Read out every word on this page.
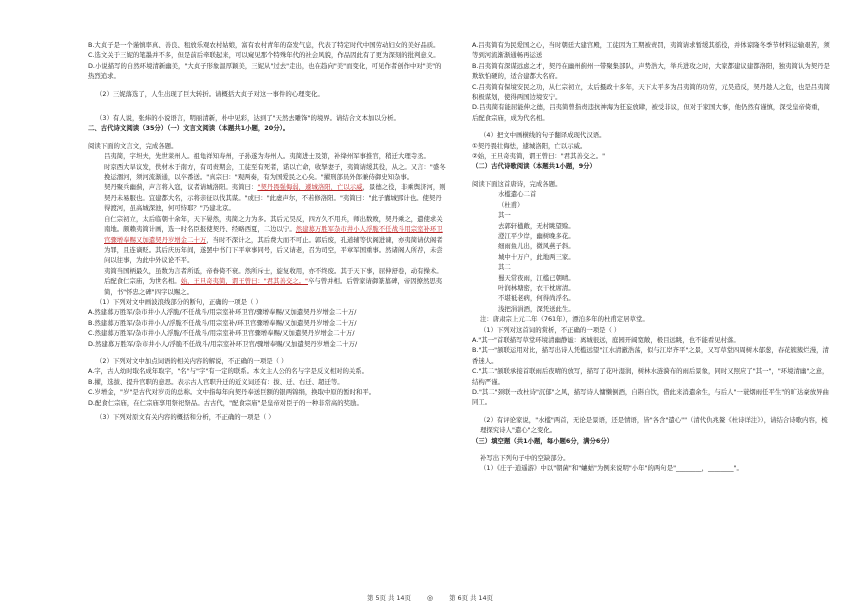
B.大贞子是一个谨慎率真、善良、租放乐观农村姑娘，富有农村青年的奋发气息，代表了特定时代中国劳动妇女的美好品质。

C.选文关于三妮的笔墨并不多，但是前后牵联起来，可以窥见那个特殊年代的社会风貌，作品因此有了更为深刻的批判意义。

D.小说描写的自然环境清新幽美，"大贞子形象温厚颖美，三妮从"过去"走出，也在趋向"美"而变化，可见作者创作中对"美"的热烈追求。

（2）三妮落选了，人生出现了巨大转折。请概括大贞子对这一事件的心理变化。

（3）有人说，张炜的小说语言，明丽清新，朴中见彩，达到了"天然去雕饰"的境界。请结合文本加以分析。

二、古代诗文阅读（35分）（一）文言文阅读（本题共1小题，20分）。

阅读下面的文言文，完成各题。

吕夷简，字坦夫，先世莱州人。祖龟祥知寿州，子孙遂为寿州人。夷简进士及第，补绛州军事推官，稍迁大理寺丞。

时京西大旱议发，佚材木于南方，有司责期会，工徒至有死者，诺以亡命，收孥妻子，夷简请缓其役，从之。又言："盛冬挽运涸河，须河流渐通，以卒番送。"真宗曰："观两奏，有为国爱民之心矣。"擢刑部员外郎兼侍御史知杂事。

契丹聚兵幽蓟，声言将入寇，议者请城洛阳。夷简曰："契丹畏强侮弱，遽城洛阳，亡以示威，景德之役，非乘舆济河，则契丹未易服也。宜建都大名，示将亲征以伐其谋。"或曰："此虚声尔，不若修洛阳。"夷简曰："此子囊城郢计也。使契丹得渡河，虽高城深池，何可恃耶？"乃建北京。

自仁宗初立，太后临朝十余年，天下晏然，夷简之力为多。其后元昊反，四方久不用兵，师出数败，契丹乘之，遣使求关南地。颇赖夷简计画，选一时名臣报使契丹、经略西夏，二边以宁。然建募万胜军杂市井小人浮脆不任战斗用宗室补环卫官骤增奉赐又加遣契丹岁增金二十万，当时不深计之，其后费大而不可止。郭后废，孔道辅等伏阁进谏，亦夷简请伏阁者为罪，且连谪贬。其后庆历年间，遂罢中书门下平章事同号，后又请老，召为司空，平章军国重事。然诸阁人所荐，未尝问以往事，为此中外议论不平。

夷简当国柄最久，虽数为言者所诋，帝眷倚不衰。然所斥士，旋复收用，亦不终废。其于天下事，屈伸舒卷，动有操术。后配食仁宗庙，为世名相。始，王旦奇夷简，谓王曾曰："君其善交之。"卒与曾并相。后曾家请御篆墓碑，帝因撩然思夷简，书"怀忠之碑"四字以赐之。

（1）下列对文中画波浪线部分的断句，正确的一项是（ ）

A.然建募万胜军/杂市井小人浮脆/不任战斗/用宗室补环卫官/骤增奉赐/又加遣契丹岁增金二十万/

B.然建募万胜军/杂市井小人/浮脆不任战斗/用宗室补/环卫官骤增奉赐/又加遣契丹岁增金二十万/

C.然建募万胜军/杂市井小人浮脆/不任战斗/用宗室补环卫官骤增奉赐/又加遣契丹岁增金二十万/

D.然建募万胜军/杂市井小人/浮脆不任战斗/用宗室补环卫官/骤增奉赐/又加遣契丹岁增金二十万/

（2）下列对文中加点词语的相关内容的解说，不正确的一项是（ ）

A.字，古人幼时取名成年取字，"名"与"字"有一定的联系。本文主人公的名与字是反义相对的关系。

B.擢，选拔、提升官职的意思。表示古人官职升迁的近义词还有：拔、迁、右迁、超迁等。

C.岁增金，"岁"是古代对岁贡的总称。文中指每年向契丹奉送巨额的银两锦绢，换取中原的暂时和平。

D.配食仁宗庙，在仁宗庙享用祭祀祭品。古古代，"配食宗庙"是皇帝对臣子的一种非常高的奖励。

（3）下列对原文有关内容的概括和分析，不正确的一项是（ ）

A.吕夷简有为民爱国之心，当时朝廷大建宫殿，工徒因为工期被责罚，夷简请求暂缓其徭役，并体谅隆冬季节材料运输艰苦，须等到河流渐渐通畅再运送

B.吕夷简有深谋远虑之才，契丹在幽州蓟州一带聚集部队，声势浩大，举兵进攻之时，大家都建议建都洛阳，独夷简认为契丹是欺软怕硬的，适合建都大名府。

C.吕夷简有保境安民之功，从仁宗初立，太后摄政十多年，天下太平多为吕夷简的功劳，元昊造反，契丹趁人之危，也是吕夷简积极谋划，使得两国边境安宁。

D.吕夷简有能屈能伸之德，吕夷简曾指责违抗神海为狂妄放肆，被受非议，但对于家国大事，他仍然有谨慎，深受皇帝倚重，后配食宗庙，成为代名相。

（4）把文中画横线的句子翻译成现代汉语。

①契丹畏壮侮怯，遽城洛阳，亡以示威。

②始，王旦奇夷简，谓王曾曰："君其善交之。"

（二）古代诗歌阅读（本题共1小题，9分）

阅读下面这首唐诗，完成各题。

水槛遣心二首

（杜甫）

其一

去郭轩楹敞，无村眺望赊。

澄江平少岸，幽树晚多花。

细雨鱼儿出，微风燕子斜。

城中十万户，此地两三家。

其二

蜀天常夜雨，江槛已朝晴。

叶润林塘密，衣干枕席清。

不堪祗老病，何得尚浮名。

浅把涓涓酒，深凭送此生。

注：唐肃宗上元二年（761年），漂泊多年的杜甫定居草堂。

（1）下列对这首词的赏析，不正确的一项是（ ）

A."其一"首联描写草堂环境清幽静谧：离城很远，庭园开阔宽敞，极目远眺，也不能看见村落。

B."其一"颔联运用对比，描写出诗人凭槛远望"江水清澈浩荡，似与江岸齐平"之景，又写草堂四周树木郁葱，春花簇簇烂漫，清香迷人。

C."其二"颔联承接首联雨后夜晴的放写，描写了花叶湿润，树林水涟漪布的雨后景象，同时又照应了"其一"，"环境清幽"之意，结构严谨。

D."其二"颈联一改杜诗"沉郁"之风，描写诗人慵懒倒酒，自斟自饮，借此来消遣余生，与后人"一蓑烟雨任平生"的旷达豪放异曲同工。

（2）有评论家说，"水槛"两首，无论是景语，还是情语，皆"各含"遣心""（清代仇兆鳌《杜诗详注》），请结合诗歌内容，梳理探究诗人"遣心"之变化。

（三）填空题（共1小题，每小题6分，满分6分）

补写出下列句子中的空缺部分。

（1）《庄子·逍遥游》中以"朝菌"和"蟪蛄"为例来说明"小年"的两句是"________，________"。

第 5页 共 14页 ◎	第 6页 共 14页
